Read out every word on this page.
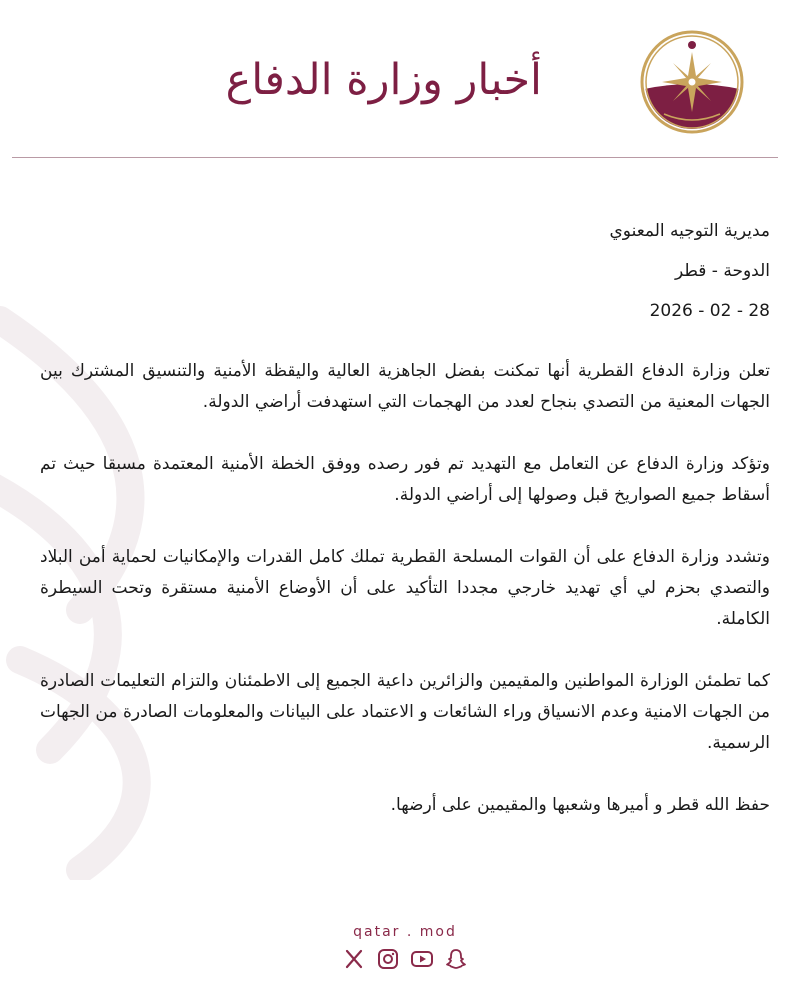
أخبار وزارة الدفاع
مديرية التوجيه المعنوي
الدوحة - قطر
2026 - 02 - 28

تعلن وزارة الدفاع القطرية أنها تمكنت بفضل الجاهزية العالية واليقظة الأمنية والتنسيق المشترك بين الجهات المعنية من التصدي بنجاح لعدد من الهجمات التي استهدفت أراضي الدولة.

وتؤكد وزارة الدفاع عن التعامل مع التهديد تم فور رصده ووفق الخطة الأمنية المعتمدة مسبقا حيث تم أسقاط جميع الصواريخ قبل وصولها إلى أراضي الدولة.

وتشدد وزارة الدفاع على أن القوات المسلحة القطرية تملك كامل القدرات والإمكانيات لحماية أمن البلاد والتصدي بحزم لي أي تهديد خارجي مجددا التأكيد على أن الأوضاع الأمنية مستقرة وتحت السيطرة الكاملة.

كما تطمئن الوزارة المواطنين والمقيمين والزائرين داعية الجميع إلى الاطمئنان والتزام التعليمات الصادرة من الجهات الامنية وعدم الانسياق وراء الشائعات و الاعتماد على البيانات والمعلومات الصادرة من الجهات الرسمية.

حفظ الله قطر و أميرها وشعبها والمقيمين على أرضها.

qatar . mod
